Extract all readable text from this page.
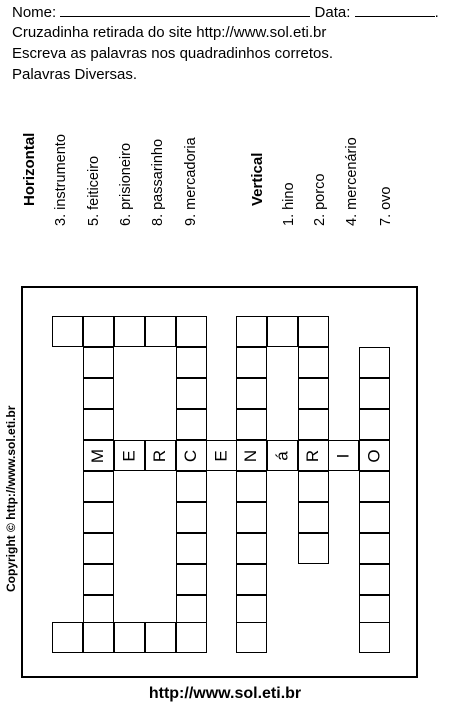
Nome:	Data:	.
Cruzadinha retirada do site http://www.sol.eti.br
Escreva as palavras nos quadradinhos corretos.
Palavras Diversas.
Horizontal 3. instrumento 5. feiticeiro 6. prisioneiro 8. passarinho 9. mercadoria	Vertical 1. hino 2. porco 4. mercenário 7. ovo
M E R C E N á R I O
Copyright © http://www.sol.eti.br
http://www.sol.eti.br
